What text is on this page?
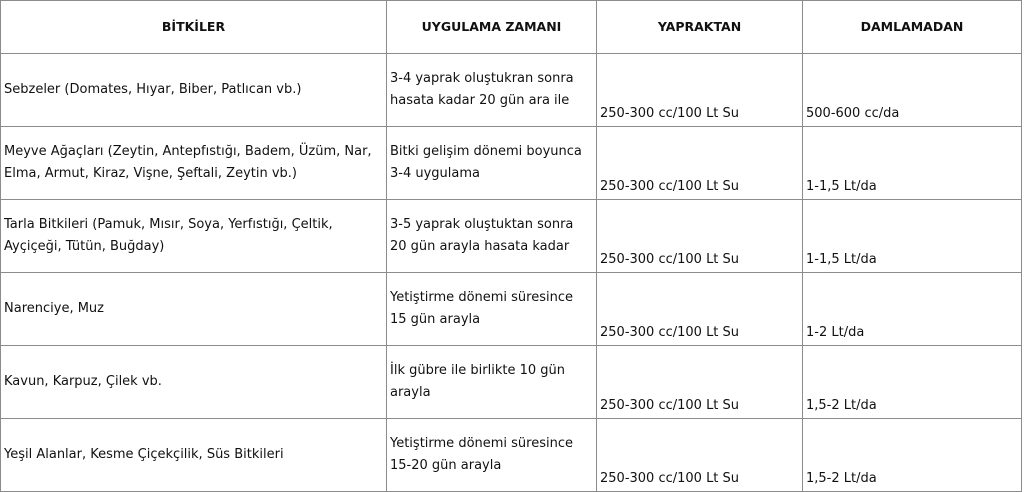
BİTKİLER	UYGULAMA ZAMANI	YAPRAKTAN	DAMLAMADAN

Sebzeler (Domates, Hıyar, Biber, Patlıcan vb.)	3-4 yaprak oluştukran sonra
hasata kadar 20 gün ara ile	250-300 cc/100 Lt Su	500-600 cc/da

Meyve Ağaçları (Zeytin, Antepfıstığı, Badem, Üzüm, Nar,
Elma, Armut, Kiraz, Vişne, Şeftali, Zeytin vb.)	Bitki gelişim dönemi boyunca
3-4 uygulama	250-300 cc/100 Lt Su	1-1,5 Lt/da

Tarla Bitkileri (Pamuk, Mısır, Soya, Yerfıstığı, Çeltik,
Ayçiçeği, Tütün, Buğday)	3-5 yaprak oluştuktan sonra
20 gün arayla hasata kadar	250-300 cc/100 Lt Su	1-1,5 Lt/da

Narenciye, Muz	Yetiştirme dönemi süresince
15 gün arayla	250-300 cc/100 Lt Su	1-2 Lt/da

Kavun, Karpuz, Çilek vb.	İlk gübre ile birlikte 10 gün
arayla	250-300 cc/100 Lt Su	1,5-2 Lt/da

Yeşil Alanlar, Kesme Çiçekçilik, Süs Bitkileri	Yetiştirme dönemi süresince
15-20 gün arayla	250-300 cc/100 Lt Su	1,5-2 Lt/da
